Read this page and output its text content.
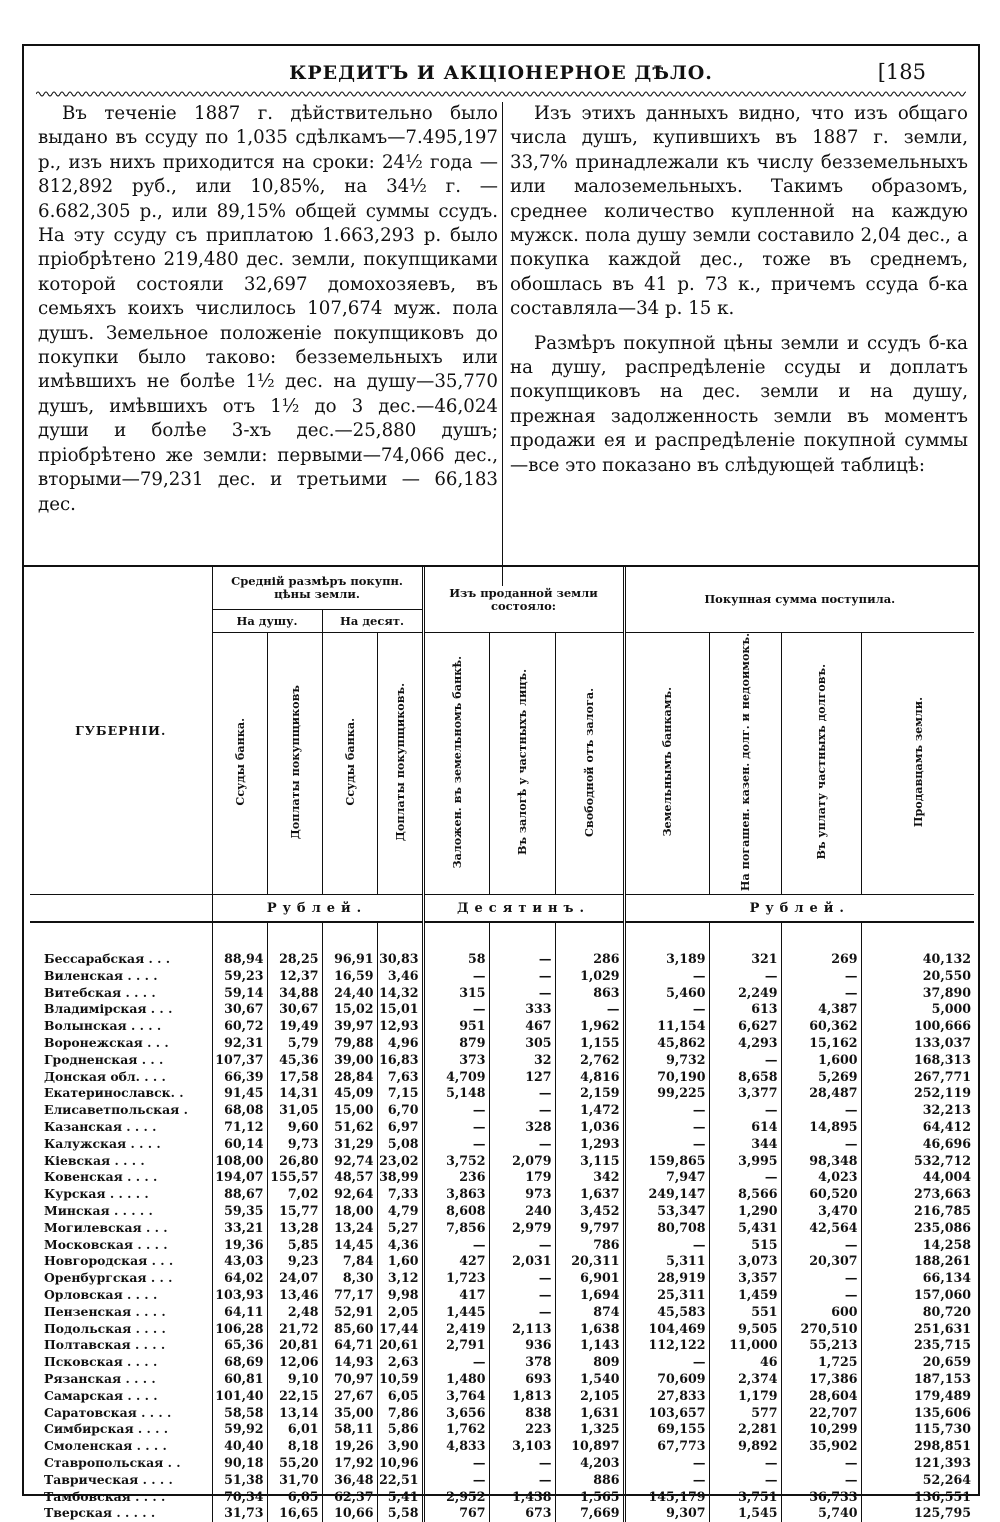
КРЕДИТЪ И АКЦІОНЕРНОЕ ДѢЛО.	[185

Въ теченіе 1887 г. дѣйствительно было выдано въ ссуду по 1,035 сдѣлкамъ—7.495,197 р., изъ нихъ приходится на сроки: 24½ года — 812,892 руб., или 10,85%, на 34½ г. — 6.682,305 р., или 89,15% общей суммы ссудъ. На эту ссуду съ приплатою 1.663,293 р. было пріобрѣтено 219,480 дес. земли, покупщиками которой состояли 32,697 домохозяевъ, въ семьяхъ коихъ числилось 107,674 муж. пола душъ. Земельное положеніе покупщиковъ до покупки было таково: безземельныхъ или имѣвшихъ не болѣе 1½ дес. на душу—35,770 душъ, имѣвшихъ отъ 1½ до 3 дес.—46,024 души и болѣе 3-хъ дес.—25,880 душъ; пріобрѣтено же земли: первыми—74,066 дес., вторыми—79,231 дес. и третьими — 66,183 дес.

Изъ этихъ данныхъ видно, что изъ общаго числа душъ, купившихъ въ 1887 г. земли, 33,7% принадлежали къ числу безземельныхъ или малоземельныхъ. Такимъ образомъ, среднее количество купленной на каждую мужск. пола душу земли составило 2,04 дес., а покупка каждой дес., тоже въ среднемъ, обошлась въ 41 р. 73 к., причемъ ссуда б-ка составляла—34 р. 15 к.

Размѣръ покупной цѣны земли и ссудъ б-ка на душу, распредѣленіе ссуды и доплатъ покупщиковъ на дес. земли и на душу, прежная задолженность земли въ моментъ продажи ея и распредѣленіе покупной суммы—все это показано въ слѣдующей таблицѣ:

ГУБЕРНІИ.	Средній размѣръ покупн. цѣны земли.				Изъ проданной земли состояло:			Покупная сумма поступила.			
	На душу.		На десят.								
	Ссуды банка.	Доплаты покупщиковъ	Ссуды банка.	Доплаты покупщиковъ.	Заложен. въ земельномъ банкѣ.	Въ залогѣ у частныхъ лицъ.	Свободной отъ залога.	Земельнымъ банкамъ.	На погашен. казен. долг. и недоимокъ.	Въ уплату частныхъ долговъ.	Продавцамъ земли.
	Рублей.				Десятинъ.			Рублей.			

Бессарабская . . .	88,94	28,25	96,91	30,83	58	—	286	3,189	321	269	40,132
Виленская . . . .	59,23	12,37	16,59	3,46	—	—	1,029	—	—	—	20,550
Витебская . . . .	59,14	34,88	24,40	14,32	315	—	863	5,460	2,249	—	37,890
Владимірская . . .	30,67	30,67	15,02	15,01	—	333	—	—	613	4,387	5,000
Волынская . . . .	60,72	19,49	39,97	12,93	951	467	1,962	11,154	6,627	60,362	100,666
Воронежская . . .	92,31	5,79	79,88	4,96	879	305	1,155	45,862	4,293	15,162	133,037
Гродненская . . .	107,37	45,36	39,00	16,83	373	32	2,762	9,732	—	1,600	168,313
Донская обл. . . .	66,39	17,58	28,84	7,63	4,709	127	4,816	70,190	8,658	5,269	267,771
Екатеринославск. .	91,45	14,31	45,09	7,15	5,148	—	2,159	99,225	3,377	28,487	252,119
Елисаветпольская .	68,08	31,05	15,00	6,70	—	—	1,472	—	—	—	32,213
Казанская . . . .	71,12	9,60	51,62	6,97	—	328	1,036	—	614	14,895	64,412
Калужская . . . .	60,14	9,73	31,29	5,08	—	—	1,293	—	344	—	46,696
Кіевская . . . .	108,00	26,80	92,74	23,02	3,752	2,079	3,115	159,865	3,995	98,348	532,712
Ковенская . . . .	194,07	155,57	48,57	38,99	236	179	342	7,947	—	4,023	44,004
Курская . . . . .	88,67	7,02	92,64	7,33	3,863	973	1,637	249,147	8,566	60,520	273,663
Минская . . . . .	59,35	15,77	18,00	4,79	8,608	240	3,452	53,347	1,290	3,470	216,785
Могилевская . . .	33,21	13,28	13,24	5,27	7,856	2,979	9,797	80,708	5,431	42,564	235,086
Московская . . . .	19,36	5,85	14,45	4,36	—	—	786	—	515	—	14,258
Новгородская . . .	43,03	9,23	7,84	1,60	427	2,031	20,311	5,311	3,073	20,307	188,261
Оренбургская . . .	64,02	24,07	8,30	3,12	1,723	—	6,901	28,919	3,357	—	66,134
Орловская . . . .	103,93	13,46	77,17	9,98	417	—	1,694	25,311	1,459	—	157,060
Пензенская . . . .	64,11	2,48	52,91	2,05	1,445	—	874	45,583	551	600	80,720
Подольская . . . .	106,28	21,72	85,60	17,44	2,419	2,113	1,638	104,469	9,505	270,510	251,631
Полтавская . . . .	65,36	20,81	64,71	20,61	2,791	936	1,143	112,122	11,000	55,213	235,715
Псковская . . . .	68,69	12,06	14,93	2,63	—	378	809	—	46	1,725	20,659
Рязанская . . . .	60,81	9,10	70,97	10,59	1,480	693	1,540	70,609	2,374	17,386	187,153
Самарская . . . .	101,40	22,15	27,67	6,05	3,764	1,813	2,105	27,833	1,179	28,604	179,489
Саратовская . . . .	58,58	13,14	35,00	7,86	3,656	838	1,631	103,657	577	22,707	135,606
Симбирская . . . .	59,92	6,01	58,11	5,86	1,762	223	1,325	69,155	2,281	10,299	115,730
Смоленская . . . .	40,40	8,18	19,26	3,90	4,833	3,103	10,897	67,773	9,892	35,902	298,851
Ставропольская . .	90,18	55,20	17,92	10,96	—	—	4,203	—	—	—	121,393
Таврическая . . . .	51,38	31,70	36,48	22,51	—	—	886	—	—	—	52,264
Тамбовская . . . .	70,34	6,05	62,37	5,41	2,952	1,438	1,565	145,179	3,751	36,733	136,551
Тверская . . . . .	31,73	16,65	10,66	5,58	767	673	7,669	9,307	1,545	5,740	125,795
